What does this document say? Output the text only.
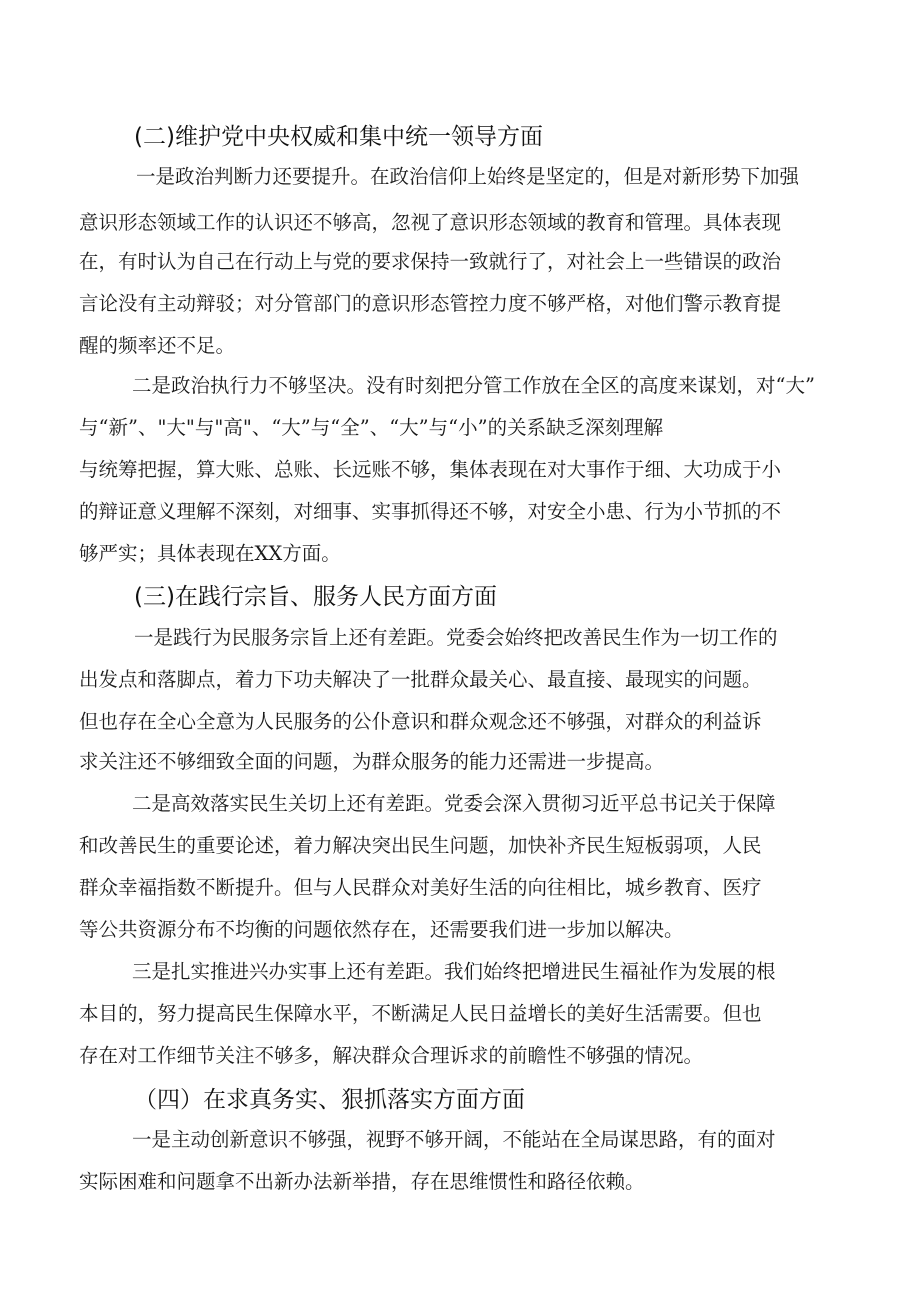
(二)维护党中央权威和集中统一领导方面
一是政治判断力还要提升。在政治信仰上始终是坚定的，但是对新形势下加强
意识形态领域工作的认识还不够高，忽视了意识形态领域的教育和管理。具体表现
在，有时认为自己在行动上与党的要求保持一致就行了，对社会上一些错误的政治
言论没有主动辩驳；对分管部门的意识形态管控力度不够严格，对他们警示教育提
醒的频率还不足。
二是政治执行力不够坚决。没有时刻把分管工作放在全区的高度来谋划，对“大”
与“新”、"大"与"高"、“大”与“全”、“大”与“小”的关系缺乏深刻理解
与统筹把握，算大账、总账、长远账不够，集体表现在对大事作于细、大功成于小
的辩证意义理解不深刻，对细事、实事抓得还不够，对安全小患、行为小节抓的不
够严实；具体表现在XX方面。
(三)在践行宗旨、服务人民方面方面
一是践行为民服务宗旨上还有差距。党委会始终把改善民生作为一切工作的
出发点和落脚点，着力下功夫解决了一批群众最关心、最直接、最现实的问题。
但也存在全心全意为人民服务的公仆意识和群众观念还不够强，对群众的利益诉
求关注还不够细致全面的问题，为群众服务的能力还需进一步提高。
二是高效落实民生关切上还有差距。党委会深入贯彻习近平总书记关于保障
和改善民生的重要论述，着力解决突出民生问题，加快补齐民生短板弱项，人民
群众幸福指数不断提升。但与人民群众对美好生活的向往相比，城乡教育、医疗
等公共资源分布不均衡的问题依然存在，还需要我们进一步加以解决。
三是扎实推进兴办实事上还有差距。我们始终把增进民生福祉作为发展的根
本目的，努力提高民生保障水平，不断满足人民日益增长的美好生活需要。但也
存在对工作细节关注不够多，解决群众合理诉求的前瞻性不够强的情况。
（四）在求真务实、狠抓落实方面方面
一是主动创新意识不够强，视野不够开阔，不能站在全局谋思路，有的面对
实际困难和问题拿不出新办法新举措，存在思维惯性和路径依赖。
